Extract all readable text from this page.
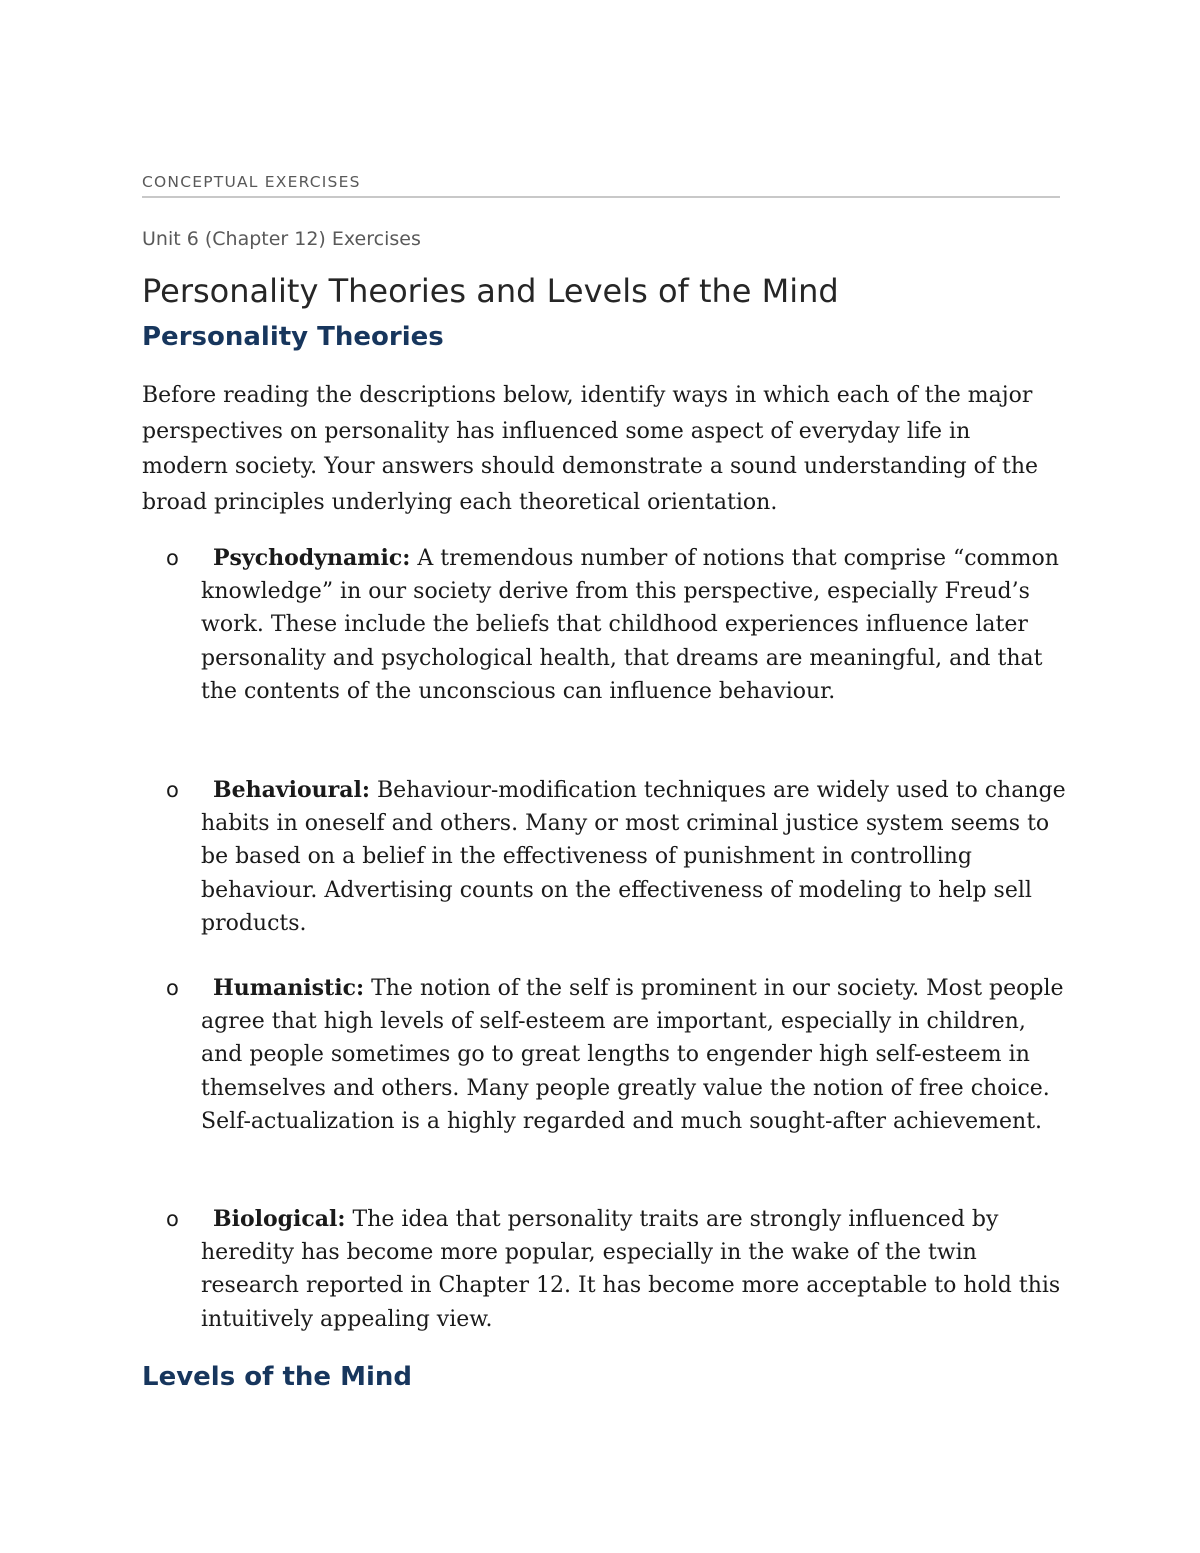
CONCEPTUAL EXERCISES
Unit 6 (Chapter 12) Exercises
Personality Theories and Levels of the Mind
Personality Theories

Before reading the descriptions below, identify ways in which each of the major perspectives on personality has influenced some aspect of everyday life in modern society. Your answers should demonstrate a sound understanding of the broad principles underlying each theoretical orientation.

o	Psychodynamic: A tremendous number of notions that comprise “common knowledge” in our society derive from this perspective, especially Freud’s work. These include the beliefs that childhood experiences influence later personality and psychological health, that dreams are meaningful, and that the contents of the unconscious can influence behaviour.

o	Behavioural: Behaviour-modification techniques are widely used to change habits in oneself and others. Many or most criminal justice system seems to be based on a belief in the effectiveness of punishment in controlling behaviour. Advertising counts on the effectiveness of modeling to help sell products.

o	Humanistic: The notion of the self is prominent in our society. Most people agree that high levels of self-esteem are important, especially in children, and people sometimes go to great lengths to engender high self-esteem in themselves and others. Many people greatly value the notion of free choice. Self-actualization is a highly regarded and much sought-after achievement.

o	Biological: The idea that personality traits are strongly influenced by heredity has become more popular, especially in the wake of the twin research reported in Chapter 12. It has become more acceptable to hold this intuitively appealing view.

Levels of the Mind
